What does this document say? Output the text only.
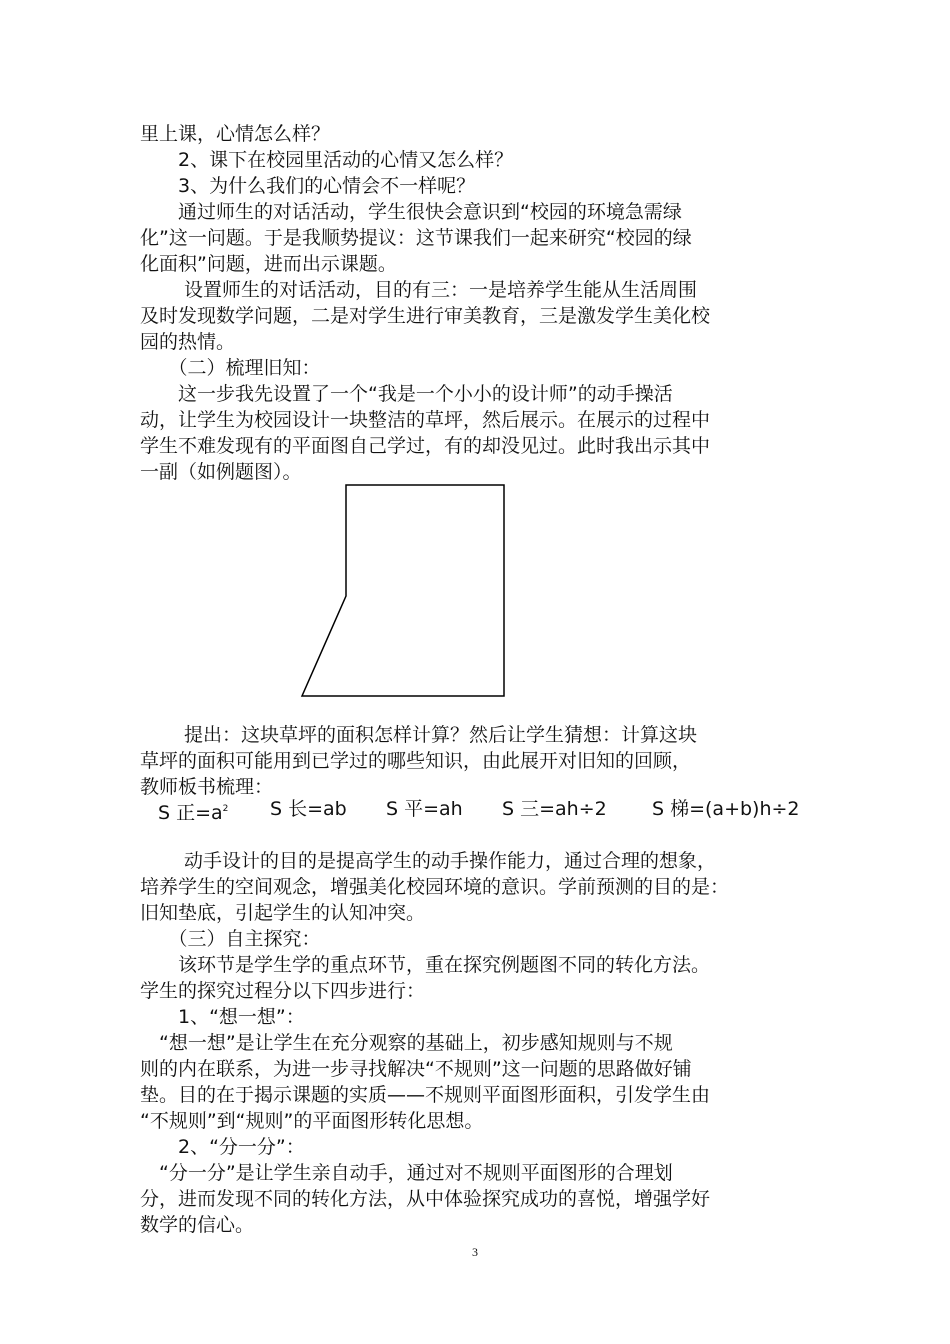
里上课，心情怎么样？
　　2、课下在校园里活动的心情又怎么样？
　　3、为什么我们的心情会不一样呢？
　　通过师生的对话活动，学生很快会意识到“校园的环境急需绿
化”这一问题。于是我顺势提议：这节课我们一起来研究“校园的绿
化面积”问题，进而出示课题。
　　 设置师生的对话活动，目的有三：一是培养学生能从生活周围
及时发现数学问题，二是对学生进行审美教育，三是激发学生美化校
园的热情。
　　（二）梳理旧知：
　　这一步我先设置了一个“我是一个小小的设计师”的动手操活
动，让学生为校园设计一块整洁的草坪，然后展示。在展示的过程中
学生不难发现有的平面图自己学过，有的却没见过。此时我出示其中
一副（如例题图）。
　　 提出：这块草坪的面积怎样计算？然后让学生猜想：计算这块
草坪的面积可能用到已学过的哪些知识，由此展开对旧知的回顾，
教师板书梳理：
S 正$=a^2$ S 长=ab S 平=ah S 三=ah÷2 S 梯=(a+b)h÷2
　　 动手设计的目的是提高学生的动手操作能力，通过合理的想象，
培养学生的空间观念，增强美化校园环境的意识。学前预测的目的是：
旧知垫底，引起学生的认知冲突。
　　（三）自主探究：
　　该环节是学生学的重点环节，重在探究例题图不同的转化方法。
学生的探究过程分以下四步进行：
　　1、“想一想”：
　“想一想”是让学生在充分观察的基础上，初步感知规则与不规
则的内在联系，为进一步寻找解决“不规则”这一问题的思路做好铺
垫。目的在于揭示课题的实质——不规则平面图形面积，引发学生由
“不规则”到“规则”的平面图形转化思想。
　　2、“分一分”：
　“分一分”是让学生亲自动手，通过对不规则平面图形的合理划
分，进而发现不同的转化方法，从中体验探究成功的喜悦，增强学好
数学的信心。
3
